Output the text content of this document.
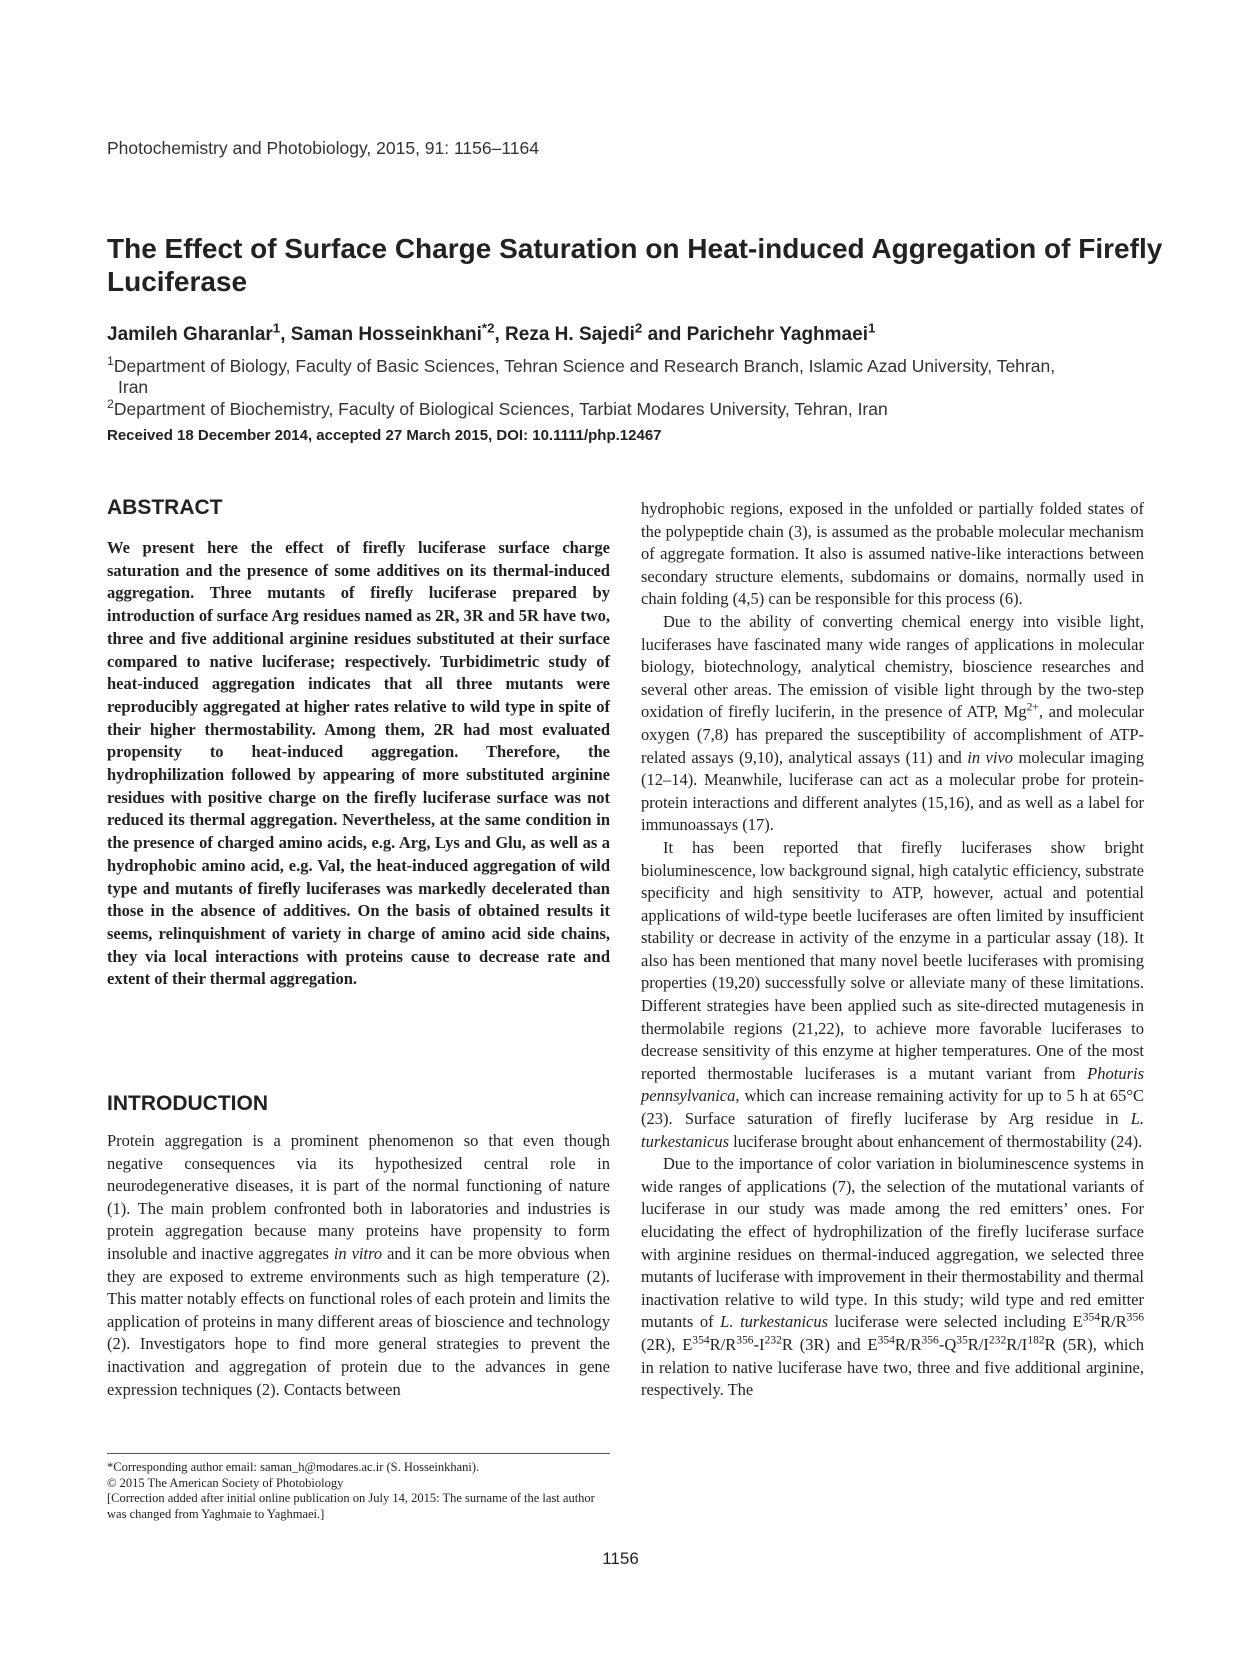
Photochemistry and Photobiology, 2015, 91: 1156–1164
The Effect of Surface Charge Saturation on Heat-induced Aggregation of Firefly Luciferase
Jamileh Gharanlar$^1$, Saman Hosseinkhani$^{*2}$, Reza H. Sajedi$^2$ and Parichehr Yaghmaei$^1$
$^1$Department of Biology, Faculty of Basic Sciences, Tehran Science and Research Branch, Islamic Azad University, Tehran,
Iran
$^2$Department of Biochemistry, Faculty of Biological Sciences, Tarbiat Modares University, Tehran, Iran
Received 18 December 2014, accepted 27 March 2015, DOI: 10.1111/php.12467
ABSTRACT

We present here the effect of firefly luciferase surface charge saturation and the presence of some additives on its thermal-induced aggregation. Three mutants of firefly luciferase prepared by introduction of surface Arg residues named as 2R, 3R and 5R have two, three and five additional arginine residues substituted at their surface compared to native luciferase; respectively. Turbidimetric study of heat-induced aggregation indicates that all three mutants were reproducibly aggregated at higher rates relative to wild type in spite of their higher thermostability. Among them, 2R had most evaluated propensity to heat-induced aggregation. Therefore, the hydrophilization followed by appearing of more substituted arginine residues with positive charge on the firefly luciferase surface was not reduced its thermal aggregation. Nevertheless, at the same condition in the presence of charged amino acids, e.g. Arg, Lys and Glu, as well as a hydrophobic amino acid, e.g. Val, the heat-induced aggregation of wild type and mutants of firefly luciferases was markedly decelerated than those in the absence of additives. On the basis of obtained results it seems, relinquishment of variety in charge of amino acid side chains, they via local interactions with proteins cause to decrease rate and extent of their thermal aggregation.

INTRODUCTION

Protein aggregation is a prominent phenomenon so that even though negative consequences via its hypothesized central role in neurodegenerative diseases, it is part of the normal functioning of nature (1). The main problem confronted both in laboratories and industries is protein aggregation because many proteins have propensity to form insoluble and inactive aggregates in vitro and it can be more obvious when they are exposed to extreme environments such as high temperature (2). This matter notably effects on functional roles of each protein and limits the application of proteins in many different areas of bioscience and technology (2). Investigators hope to find more general strategies to prevent the inactivation and aggregation of protein due to the advances in gene expression techniques (2). Contacts between

hydrophobic regions, exposed in the unfolded or partially folded states of the polypeptide chain (3), is assumed as the probable molecular mechanism of aggregate formation. It also is assumed native-like interactions between secondary structure elements, subdomains or domains, normally used in chain folding (4,5) can be responsible for this process (6).

Due to the ability of converting chemical energy into visible light, luciferases have fascinated many wide ranges of applications in molecular biology, biotechnology, analytical chemistry, bioscience researches and several other areas. The emission of visible light through by the two-step oxidation of firefly luciferin, in the presence of ATP, $Mg^{2+}$, and molecular oxygen (7,8) has prepared the susceptibility of accomplishment of ATP-related assays (9,10), analytical assays (11) and in vivo molecular imaging (12–14). Meanwhile, luciferase can act as a molecular probe for protein-protein interactions and different analytes (15,16), and as well as a label for immunoassays (17).

It has been reported that firefly luciferases show bright bioluminescence, low background signal, high catalytic efficiency, substrate specificity and high sensitivity to ATP, however, actual and potential applications of wild-type beetle luciferases are often limited by insufficient stability or decrease in activity of the enzyme in a particular assay (18). It also has been mentioned that many novel beetle luciferases with promising properties (19,20) successfully solve or alleviate many of these limitations. Different strategies have been applied such as site-directed mutagenesis in thermolabile regions (21,22), to achieve more favorable luciferases to decrease sensitivity of this enzyme at higher temperatures. One of the most reported thermostable luciferases is a mutant variant from Photuris pennsylvanica, which can increase remaining activity for up to 5 h at 65°C (23). Surface saturation of firefly luciferase by Arg residue in L. turkestanicus luciferase brought about enhancement of thermostability (24).

Due to the importance of color variation in bioluminescence systems in wide ranges of applications (7), the selection of the mutational variants of luciferase in our study was made among the red emitters’ ones. For elucidating the effect of hydrophilization of the firefly luciferase surface with arginine residues on thermal-induced aggregation, we selected three mutants of luciferase with improvement in their thermostability and thermal inactivation relative to wild type. In this study; wild type and red emitter mutants of L. turkestanicus luciferase were selected including $E^{354}R/R^{356}$ (2R), $E^{354}R/R^{356}-I^{232}R$ (3R) and $E^{354}R/R^{356}-Q^{35}R/I^{232}R/I^{182}R$ (5R), which in relation to native luciferase have two, three and five additional arginine, respectively. The

*Corresponding author email: saman_h@modares.ac.ir (S. Hosseinkhani).

© 2015 The American Society of Photobiology

[Correction added after initial online publication on July 14, 2015: The surname of the last author was changed from Yaghmaie to Yaghmaei.]

1156
